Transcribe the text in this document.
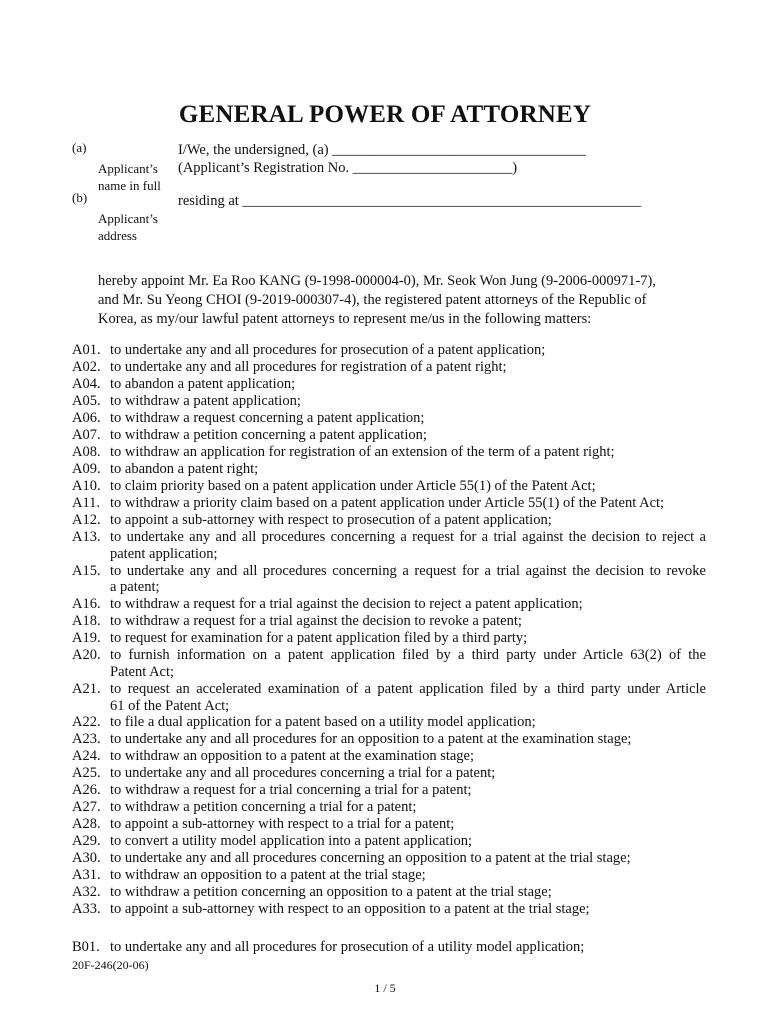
GENERAL POWER OF ATTORNEY
(a)
Applicant’s
name in full
(b)
Applicant’s
address
I/We, the undersigned, (a) ___________________________________
(Applicant’s Registration No. ______________________)
residing at _______________________________________________________
hereby appoint Mr. Ea Roo KANG (9-1998-000004-0), Mr. Seok Won Jung (9-2006-000971-7),
and Mr. Su Yeong CHOI (9-2019-000307-4), the registered patent attorneys of the Republic of
Korea, as my/our lawful patent attorneys to represent me/us in the following matters:
A01. to undertake any and all procedures for prosecution of a patent application;
A02. to undertake any and all procedures for registration of a patent right;
A04. to abandon a patent application;
A05. to withdraw a patent application;
A06. to withdraw a request concerning a patent application;
A07. to withdraw a petition concerning a patent application;
A08. to withdraw an application for registration of an extension of the term of a patent right;
A09. to abandon a patent right;
A10. to claim priority based on a patent application under Article 55(1) of the Patent Act;
A11. to withdraw a priority claim based on a patent application under Article 55(1) of the Patent Act;
A12. to appoint a sub-attorney with respect to prosecution of a patent application;
A13. to undertake any and all procedures concerning a request for a trial against the decision to reject a
patent application;
A15. to undertake any and all procedures concerning a request for a trial against the decision to revoke
a patent;
A16. to withdraw a request for a trial against the decision to reject a patent application;
A18. to withdraw a request for a trial against the decision to revoke a patent;
A19. to request for examination for a patent application filed by a third party;
A20. to furnish information on a patent application filed by a third party under Article 63(2) of the
Patent Act;
A21. to request an accelerated examination of a patent application filed by a third party under Article
61 of the Patent Act;
A22. to file a dual application for a patent based on a utility model application;
A23. to undertake any and all procedures for an opposition to a patent at the examination stage;
A24. to withdraw an opposition to a patent at the examination stage;
A25. to undertake any and all procedures concerning a trial for a patent;
A26. to withdraw a request for a trial concerning a trial for a patent;
A27. to withdraw a petition concerning a trial for a patent;
A28. to appoint a sub-attorney with respect to a trial for a patent;
A29. to convert a utility model application into a patent application;
A30. to undertake any and all procedures concerning an opposition to a patent at the trial stage;
A31. to withdraw an opposition to a patent at the trial stage;
A32. to withdraw a petition concerning an opposition to a patent at the trial stage;
A33. to appoint a sub-attorney with respect to an opposition to a patent at the trial stage;
B01. to undertake any and all procedures for prosecution of a utility model application;
20F-246(20-06)
1 / 5
